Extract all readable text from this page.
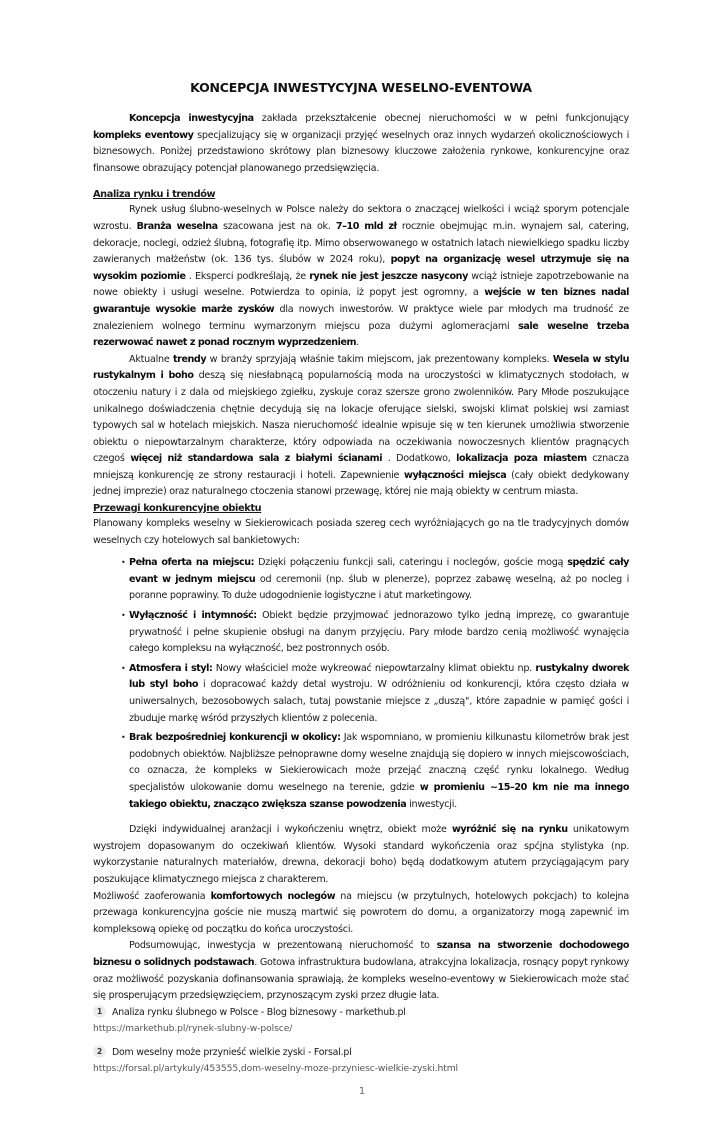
KONCEPCJA INWESTYCYJNA WESELNO-EVENTOWA

Koncepcja inwestycyjna zakłada przekształcenie obecnej nieruchomości w w pełni funkcjonujący kompleks eventowy specjalizujący się w organizacji przyjęć weselnych oraz innych wydarzeń okolicznościowych i biznesowych. Poniżej przedstawiono skrótowy plan biznesowy kluczowe założenia rynkowe, konkurencyjne oraz finansowe obrazujący potencjał planowanego przedsięwzięcia.

Analiza rynku i trendów

Rynek usług ślubno-weselnych w Polsce należy do sektora o znaczącej wielkości i wciąż sporym potencjale wzrostu. Branża weselna szacowana jest na ok. 7–10 mld zł rocznie obejmując m.in. wynajem sal, catering, dekoracje, noclegi, odzież ślubną, fotografię itp. Mimo obserwowanego w ostatnich latach niewielkiego spadku liczby zawieranych małżeństw (ok. 136 tys. ślubów w 2024 roku), popyt na organizację wesel utrzymuje się na wysokim poziomie . Eksperci podkreślają, że rynek nie jest jeszcze nasycony wciąż istnieje zapotrzebowanie na nowe obiekty i usługi weselne. Potwierdza to opinia, iż popyt jest ogromny, a wejście w ten biznes nadal gwarantuje wysokie marże zysków dla nowych inwestorów. W praktyce wiele par młodych ma trudność ze znalezieniem wolnego terminu wymarzonym miejscu poza dużymi aglomeracjami sale weselne trzeba rezerwować nawet z ponad rocznym wyprzedzeniem.

Aktualne trendy w branży sprzyjają właśnie takim miejscom, jak prezentowany kompleks. Wesela w stylu rustykalnym i boho deszą się niesłabnącą popularnością moda na uroczystości w klimatycznych stodołach, w otoczeniu natury i z dala od miejskiego zgiełku, zyskuje coraz szersze grono zwolenników. Pary Młode poszukujące unikalnego doświadczenia chętnie decydują się na lokacje oferujące sielski, swojski klimat polskiej wsi zamiast typowych sal w hotelach miejskich. Nasza nieruchomość idealnie wpisuje się w ten kierunek umożliwia stworzenie obiektu o niepowtarzalnym charakterze, który odpowiada na oczekiwania nowoczesnych klientów pragnących czegoś więcej niż standardowa sala z białymi ścianami . Dodatkowo, lokalizacja poza miastem cznacza mniejszą konkurencję ze strony restauracji i hoteli. Zapewnienie wyłączności miejsca (cały obiekt dedykowany jednej imprezie) oraz naturalnego ctoczenia stanowi przewagę, której nie mają obiekty w centrum miasta.

Przewagi konkurencyjne obiektu

Planowany kompleks weselny w Siekierowicach posiada szereg cech wyróżniających go na tle tradycyjnych domów weselnych czy hotelowych sal bankietowych:

• Pełna oferta na miejscu: Dzięki połączeniu funkcji sali, cateringu i noclegów, goście mogą spędzić cały evant w jednym miejscu od ceremonii (np. ślub w plenerze), poprzez zabawę weselną, aż po nocleg i poranne poprawiny. To duże udogodnienie logistyczne i atut marketingowy.
• Wyłączność i intymność: Obiekt będzie przyjmować jednorazowo tylko jedną imprezę, co gwarantuje prywatność i pełne skupienie obsługi na danym przyjęciu. Pary młode bardzo cenią możliwość wynajęcia całego kompleksu na wyłączność, bez postronnych osób.
• Atmosfera i styl: Nowy właściciel może wykreować niepowtarzalny klimat obiektu np. rustykalny dworek lub styl boho i dopracować każdy detal wystroju. W odróżnieniu od konkurencji, która często działa w uniwersalnych, bezosobowych salach, tutaj powstanie miejsce z „duszą", które zapadnie w pamięć gości i zbudцje markę wśród przyszłych klientów z polecenia.
• Brak bezpośredniej konkurencji w okolicy: Jak wspomniano, w promieniu kilkunastu kilometrów brak jest podobnych obiektów. Najbliższe pełnoprawne domy weselne znajdцją się dopiero w innych miejscowościach, co oznacza, że kompleks w Siekierowicach może przejąć znaczną część rynku lokalnego. Według specjalistów ulokowanie domu weselnego na terenie, gdzie w promieniu ~15–20 km nie ma innego takiego obiektu, znacząco zwiększa szanse powodzenia inwestycji.

Dzięki indywidualnej aranżacji i wykończeniu wnętrz, obiekt może wyróżnić się na rynku unikatowym wystrojem dopasowanym do oczekiwań klientów. Wysoki standard wykończenia oraz spćjna stylistyka (np. wykorzystanie naturalnych materiałów, drewna, dekoracji boho) będą dodatkowym atutem przyciągającym pary poszukujące klimatycznego miejsca z charakterem.

Możliwość zaoferowania komfortowych noclegów na miejscu (w przytulnych, hotelowych pokcjach) to kolejna przewaga konkurencyjna goście nie muszą martwić się powrotem do domu, a organizatorzy mogą zapewnić im kompleksową opiekę od początku do końca uroczystości.

Podsumowując, inwestycja w prezentowaną nieruchomość to szansa na stworzenie dochodowego biznesu o solidnych podstawach. Gotowa infrastruktura budowlana, atrakcyjna lokalizacja, rosnący popyt rynkowy oraz możliwość pozyskania dofinansowania sprawiają, że kompleks weselno-eventowy w Siekierowicach może stać się prosperującym przedsięwzięciem, przynoszącym zyski przez długie lata.

1 Analiza rynku ślubnego w Polsce - Blog biznesowy - markethub.pl
https://markethub.pl/rynek-slubny-w-polsce/
2 Dom weselny może przynieść wielkie zyski - Forsal.pl
https://forsal.pl/artykuly/453555,dom-weselny-moze-przyniesc-wielkie-zyski.html
1
